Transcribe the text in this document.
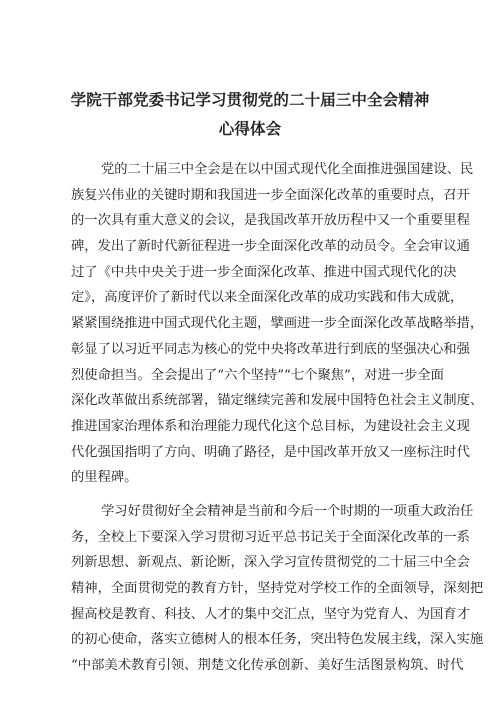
学院干部党委书记学习贯彻党的二十届三中全会精神
心得体会
党的二十届三中全会是在以中国式现代化全面推进强国建设、民
族复兴伟业的关键时期和我国进一步全面深化改革的重要时点，召开
的一次具有重大意义的会议，是我国改革开放历程中又一个重要里程
碑，发出了新时代新征程进一步全面深化改革的动员令。全会审议通
过了《中共中央关于进一步全面深化改革、推进中国式现代化的决
定》，高度评价了新时代以来全面深化改革的成功实践和伟大成就，
紧紧围绕推进中国式现代化主题，擘画进一步全面深化改革战略举措，
彰显了以习近平同志为核心的党中央将改革进行到底的坚强决心和强
烈使命担当。全会提出了“六个坚持”“七个聚焦”，对进一步全面
深化改革做出系统部署，锚定继续完善和发展中国特色社会主义制度、
推进国家治理体系和治理能力现代化这个总目标，为建设社会主义现
代化强国指明了方向、明确了路径，是中国改革开放又一座标注时代
的里程碑。
学习好贯彻好全会精神是当前和今后一个时期的一项重大政治任
务，全校上下要深入学习贯彻习近平总书记关于全面深化改革的一系
列新思想、新观点、新论断，深入学习宣传贯彻党的二十届三中全会
精神，全面贯彻党的教育方针，坚持党对学校工作的全面领导，深刻把
握高校是教育、科技、人才的集中交汇点，坚守为党育人、为国育才
的初心使命，落实立德树人的根本任务，突出特色发展主线，深入实施
“中部美术教育引领、荆楚文化传承创新、美好生活图景构筑、时代
